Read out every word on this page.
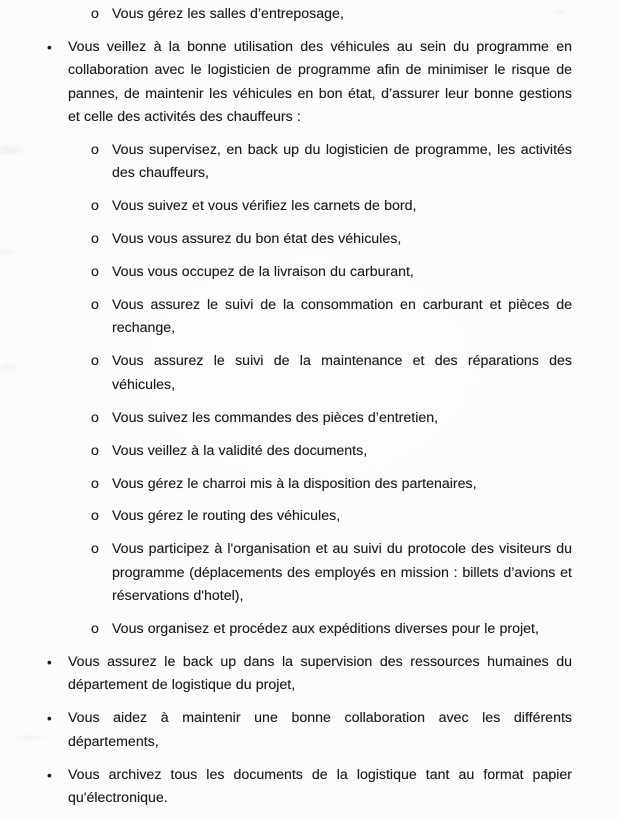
o Vous gérez les salles d’entreposage,
•	Vous veillez à la bonne utilisation des véhicules au sein du programme en collaboration avec le logisticien de programme afin de minimiser le risque de pannes, de maintenir les véhicules en bon état, d’assurer leur bonne gestions et celle des activités des chauffeurs :
o Vous supervisez, en back up du logisticien de programme, les activités des chauffeurs,
o Vous suivez et vous vérifiez les carnets de bord,
o Vous vous assurez du bon état des véhicules,
o Vous vous occupez de la livraison du carburant,
o Vous assurez le suivi de la consommation en carburant et pièces de rechange,
o Vous assurez le suivi de la maintenance et des réparations des véhicules,
o Vous suivez les commandes des pièces d’entretien,
o Vous veillez à la validité des documents,
o Vous gérez le charroi mis à la disposition des partenaires,
o Vous gérez le routing des véhicules,
o Vous participez à l'organisation et au suivi du protocole des visiteurs du programme (déplacements des employés en mission : billets d’avions et réservations d'hotel),
o Vous organisez et procédez aux expéditions diverses pour le projet,
•	Vous assurez le back up dans la supervision des ressources humaines du département de logistique du projet,
•	Vous aidez à maintenir une bonne collaboration avec les différents départements,
•	Vous archivez tous les documents de la logistique tant au format papier qu'électronique.
